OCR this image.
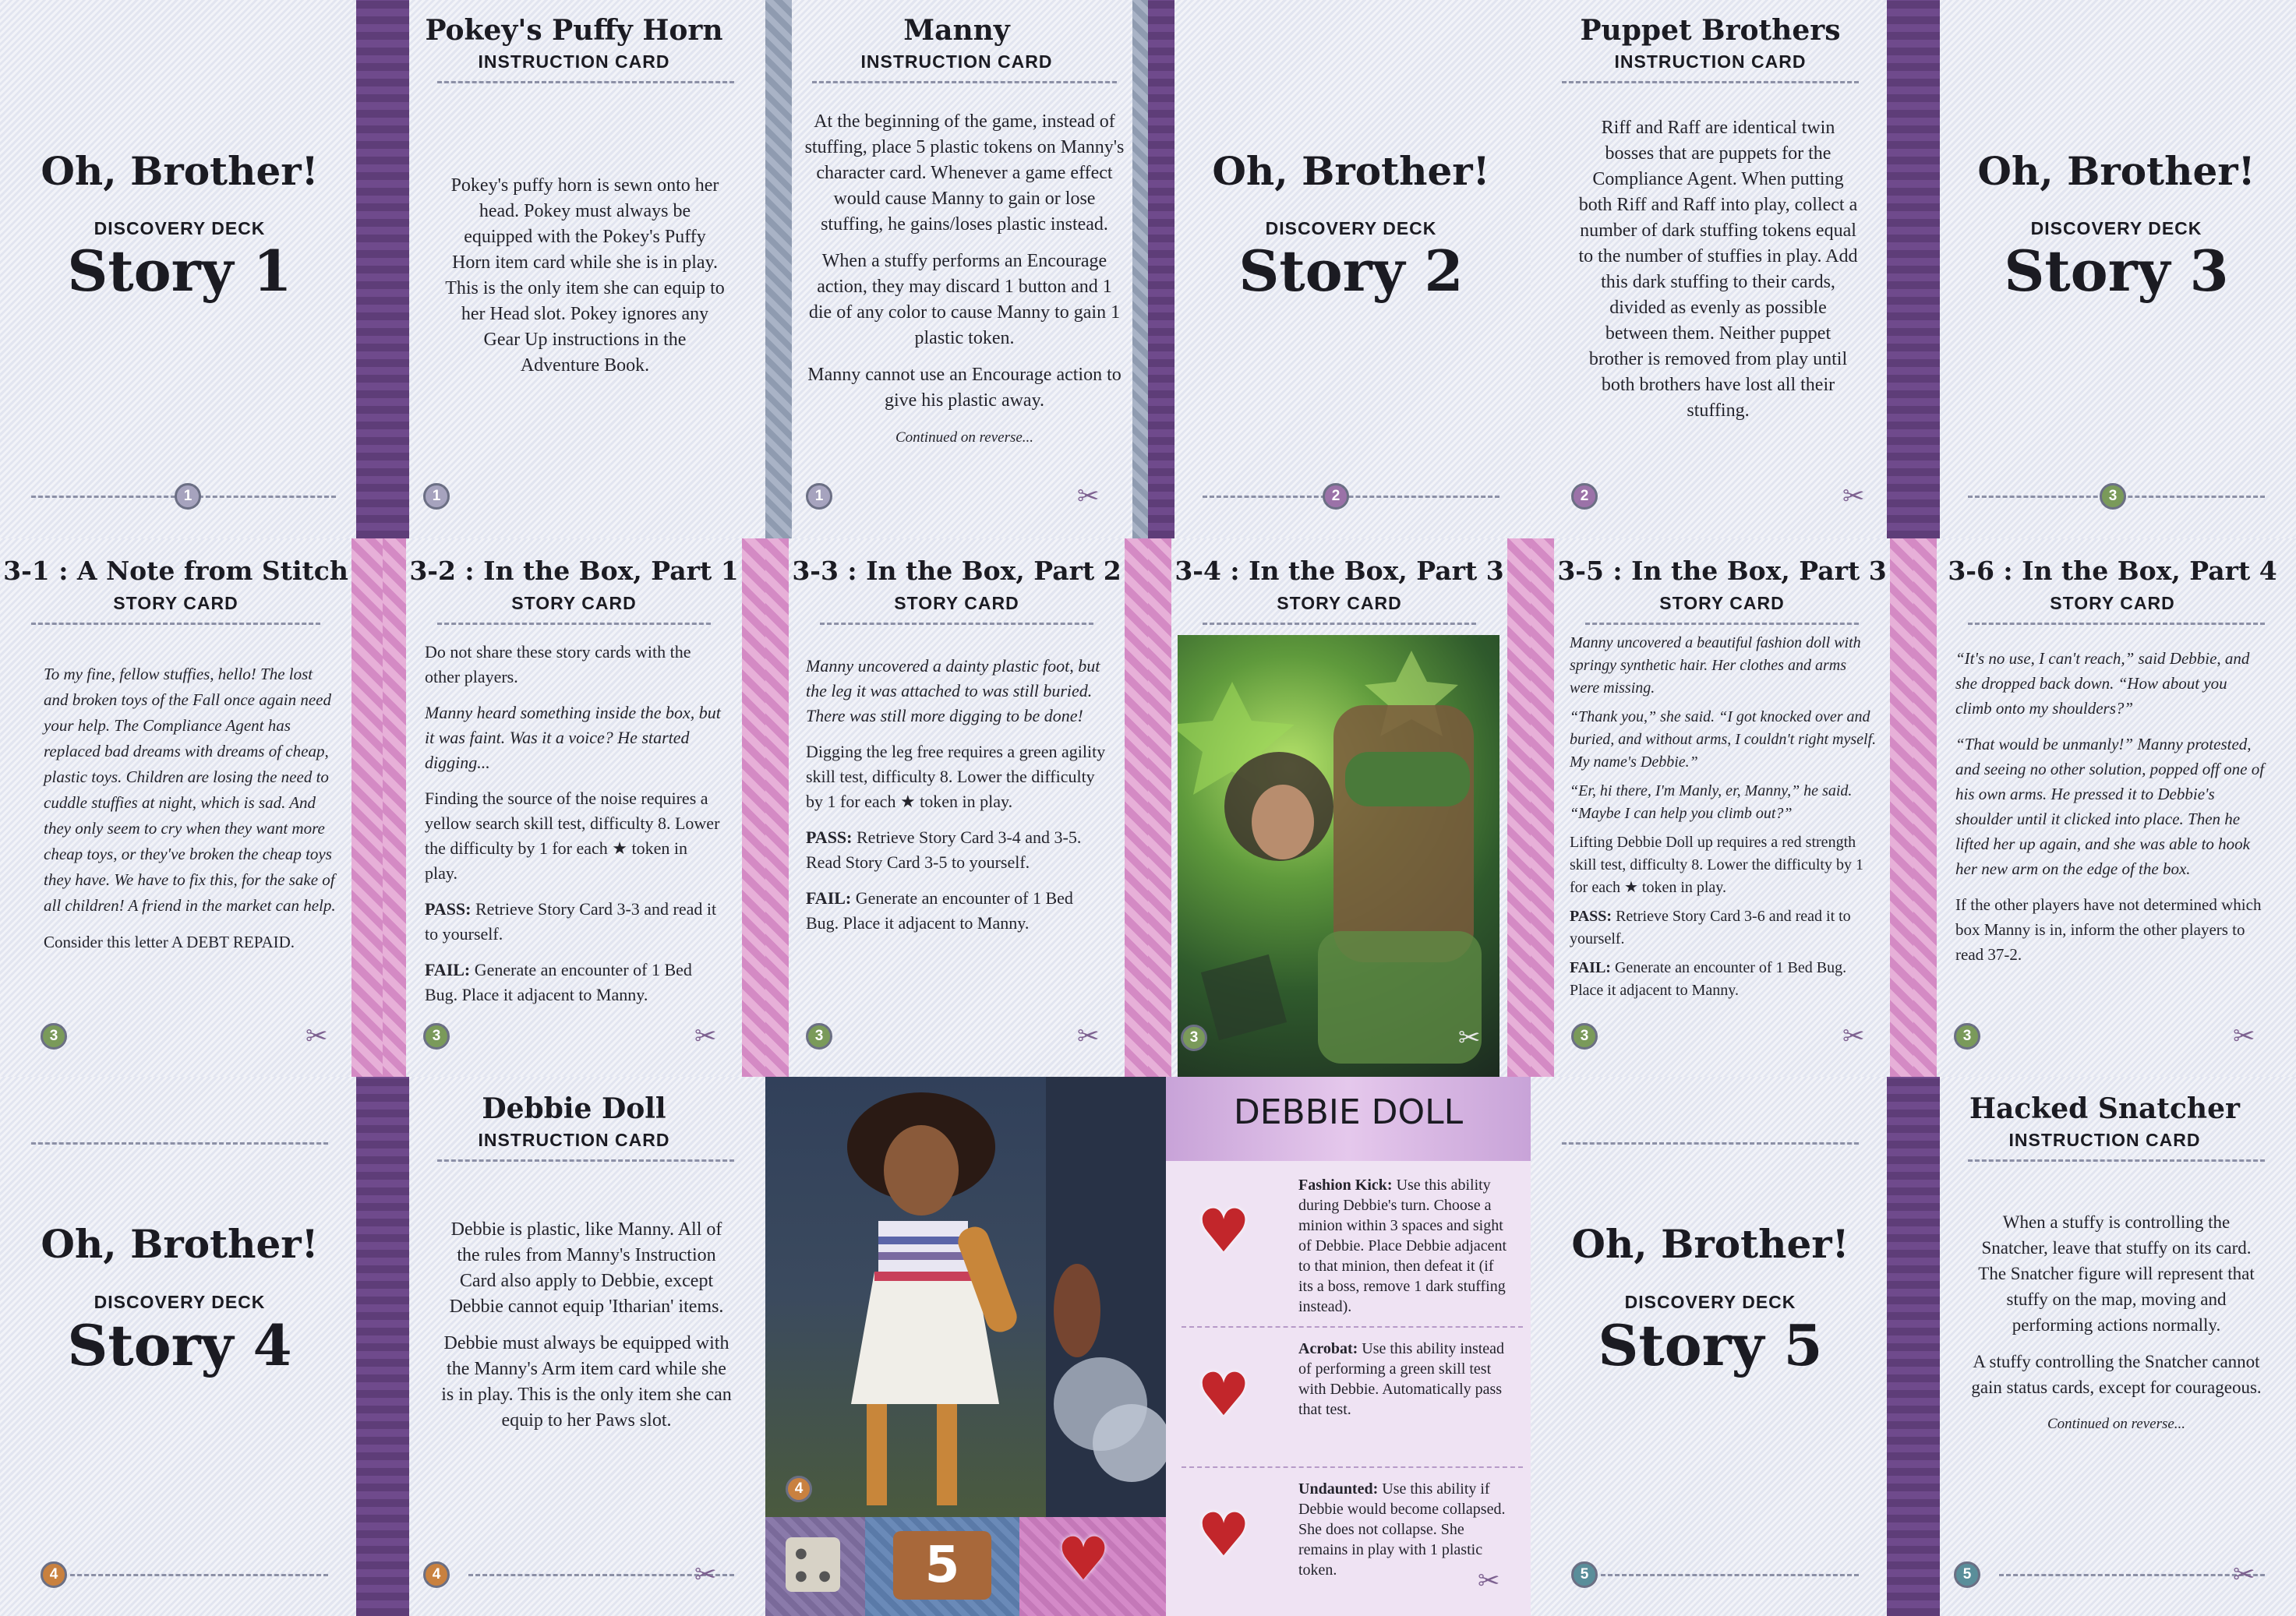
Oh, Brother!
DISCOVERY DECK
Story 1
1
Pokey's Puffy Horn
INSTRUCTION CARD
Pokey's puffy horn is sewn onto her head. Pokey must always be equipped with the Pokey's Puffy Horn item card while she is in play. This is the only item she can equip to her Head slot. Pokey ignores any Gear Up instructions in the Adventure Book.
1
Manny
INSTRUCTION CARD

At the beginning of the game, instead of stuffing, place 5 plastic tokens on Manny's character card. Whenever a game effect would cause Manny to gain or lose stuffing, he gains/loses plastic instead.

When a stuffy performs an Encourage action, they may discard 1 button and 1 die of any color to cause Manny to gain 1 plastic token.

Manny cannot use an Encourage action to give his plastic away.

Continued on reverse...

1	✂
Oh, Brother!
DISCOVERY DECK
Story 2
2
Puppet Brothers
INSTRUCTION CARD
Riff and Raff are identical twin bosses that are puppets for the Compliance Agent. When putting both Riff and Raff into play, collect a number of dark stuffing tokens equal to the number of stuffies in play. Add this dark stuffing to their cards, divided as evenly as possible between them. Neither puppet brother is removed from play until both brothers have lost all their stuffing.
2	✂
Oh, Brother!
DISCOVERY DECK
Story 3
3
3-1 : A Note from Stitch
STORY CARD

To my fine, fellow stuffies, hello! The lost and broken toys of the Fall once again need your help. The Compliance Agent has replaced bad dreams with dreams of cheap, plastic toys. Children are losing the need to cuddle stuffies at night, which is sad. And they only seem to cry when they want more cheap toys, or they've broken the cheap toys they have. We have to fix this, for the sake of all children! A friend in the market can help.

Consider this letter A DEBT REPAID.

3	✂
3-2 : In the Box, Part 1
STORY CARD

Do not share these story cards with the other players.

Manny heard something inside the box, but it was faint. Was it a voice? He started digging...

Finding the source of the noise requires a yellow search skill test, difficulty 8. Lower the difficulty by 1 for each ★ token in play.

PASS: Retrieve Story Card 3-3 and read it to yourself.

FAIL: Generate an encounter of 1 Bed Bug. Place it adjacent to Manny.

3	✂
3-3 : In the Box, Part 2
STORY CARD

Manny uncovered a dainty plastic foot, but the leg it was attached to was still buried. There was still more digging to be done!

Digging the leg free requires a green agility skill test, difficulty 8. Lower the difficulty by 1 for each ★ token in play.

PASS: Retrieve Story Card 3-4 and 3-5. Read Story Card 3-5 to yourself.

FAIL: Generate an encounter of 1 Bed Bug. Place it adjacent to Manny.

3	✂
3-4 : In the Box, Part 3
STORY CARD
3	✂
3-5 : In the Box, Part 3
STORY CARD

Manny uncovered a beautiful fashion doll with springy synthetic hair. Her clothes and arms were missing.

“Thank you,” she said. “I got knocked over and buried, and without arms, I couldn't right myself. My name's Debbie.”

“Er, hi there, I'm Manly, er, Manny,” he said. “Maybe I can help you climb out?”

Lifting Debbie Doll up requires a red strength skill test, difficulty 8. Lower the difficulty by 1 for each ★ token in play.

PASS: Retrieve Story Card 3-6 and read it to yourself.

FAIL: Generate an encounter of 1 Bed Bug. Place it adjacent to Manny.

3	✂
3-6 : In the Box, Part 4
STORY CARD

“It's no use, I can't reach,” said Debbie, and she dropped back down. “How about you climb onto my shoulders?”

“That would be unmanly!” Manny protested, and seeing no other solution, popped off one of his own arms. He pressed it to Debbie's shoulder until it clicked into place. Then he lifted her up again, and she was able to hook her new arm on the edge of the box.

If the other players have not determined which box Manny is in, inform the other players to read 37-2.

3	✂
Oh, Brother!
DISCOVERY DECK
Story 4
4
Debbie Doll
INSTRUCTION CARD

Debbie is plastic, like Manny. All of the rules from Manny's Instruction Card also apply to Debbie, except Debbie cannot equip 'Itharian' items.

Debbie must always be equipped with the Manny's Arm item card while she is in play. This is the only item she can equip to her Paws slot.

4	✂
4
●
●
●	5	♥
DEBBIE DOLL
♥
Fashion Kick: Use this ability during Debbie's turn. Choose a minion within 3 spaces and sight of Debbie. Place Debbie adjacent to that minion, then defeat it (if its a boss, remove 1 dark stuffing instead).
♥
Acrobat: Use this ability instead of performing a green skill test with Debbie. Automatically pass that test.
♥
Undaunted: Use this ability if Debbie would become collapsed. She does not collapse. She remains in play with 1 plastic token.	✂
Oh, Brother!
DISCOVERY DECK
Story 5
5
Hacked Snatcher
INSTRUCTION CARD

When a stuffy is controlling the Snatcher, leave that stuffy on its card. The Snatcher figure will represent that stuffy on the map, moving and performing actions normally.

A stuffy controlling the Snatcher cannot gain status cards, except for courageous.

Continued on reverse...

5	✂
